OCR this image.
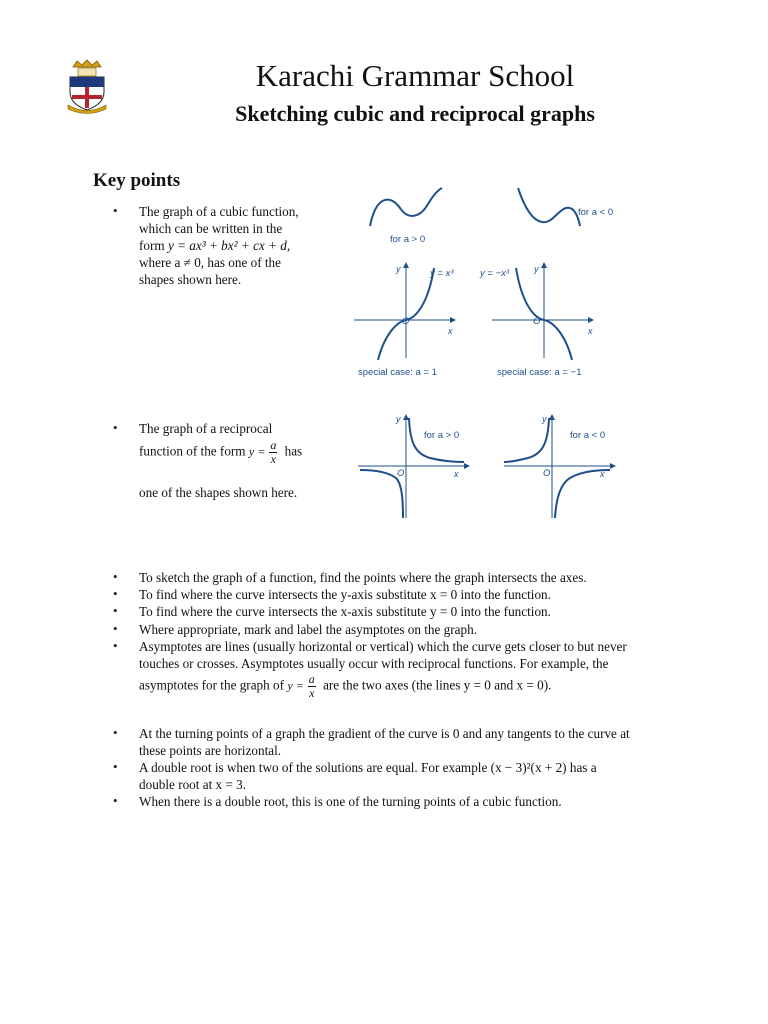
Karachi Grammar School
Sketching cubic and reciprocal graphs
Key points
• The graph of a cubic function,
which can be written in the
form y = ax³ + bx² + cx + d,
where a ≠ 0, has one of the
shapes shown here.
for a > 0
for a < 0
y
x
O
y = x³
special case: a = 1
y
x
O
y = −x³
special case: a = −1
• The graph of a reciprocal
function of the form $y = \frac{a}{x}$ has
one of the shapes shown here.
y
x
O
for a > 0
y
x
O
for a < 0
• To sketch the graph of a function, find the points where the graph intersects the axes.
• To find where the curve intersects the y-axis substitute x = 0 into the function.
• To find where the curve intersects the x-axis substitute y = 0 into the function.
• Where appropriate, mark and label the asymptotes on the graph.
• Asymptotes are lines (usually horizontal or vertical) which the curve gets closer to but never
touches or crosses. Asymptotes usually occur with reciprocal functions. For example, the
asymptotes for the graph of $y = \frac{a}{x}$ are the two axes (the lines y = 0 and x = 0).
• At the turning points of a graph the gradient of the curve is 0 and any tangents to the curve at
these points are horizontal.
• A double root is when two of the solutions are equal. For example (x − 3)²(x + 2) has a
double root at x = 3.
• When there is a double root, this is one of the turning points of a cubic function.
